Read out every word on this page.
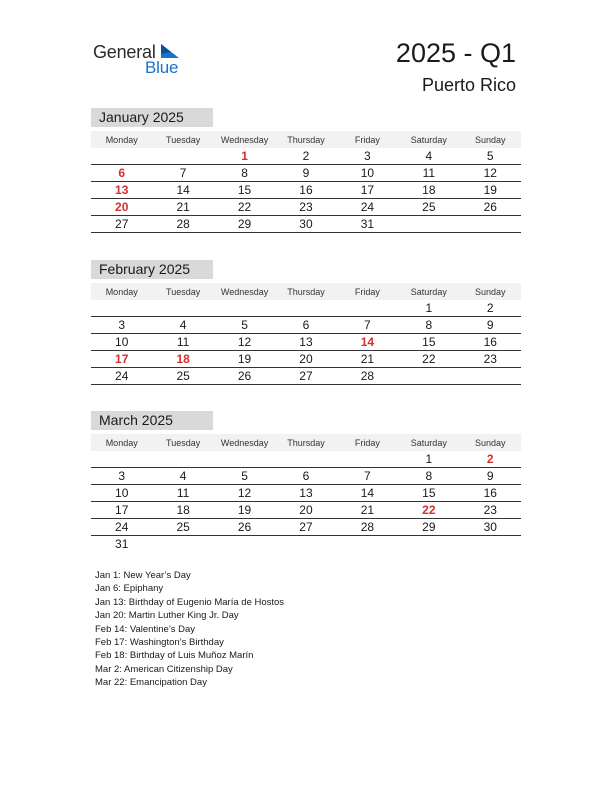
General
Blue	2025 - Q1
Puerto Rico
January 2025
Monday	Tuesday	Wednesday	Thursday	Friday	Saturday	Sunday
		1	2	3	4	5
6	7	8	9	10	11	12
13	14	15	16	17	18	19
20	21	22	23	24	25	26
27	28	29	30	31		
February 2025
Monday	Tuesday	Wednesday	Thursday	Friday	Saturday	Sunday
					1	2
3	4	5	6	7	8	9
10	11	12	13	14	15	16
17	18	19	20	21	22	23
24	25	26	27	28		
March 2025
Monday	Tuesday	Wednesday	Thursday	Friday	Saturday	Sunday
					1	2
3	4	5	6	7	8	9
10	11	12	13	14	15	16
17	18	19	20	21	22	23
24	25	26	27	28	29	30
31						
Jan 1: New Year’s Day
Jan 6: Epiphany
Jan 13: Birthday of Eugenio María de Hostos
Jan 20: Martin Luther King Jr. Day
Feb 14: Valentine’s Day
Feb 17: Washington’s Birthday
Feb 18: Birthday of Luis Muñoz Marín
Mar 2: American Citizenship Day
Mar 22: Emancipation Day
